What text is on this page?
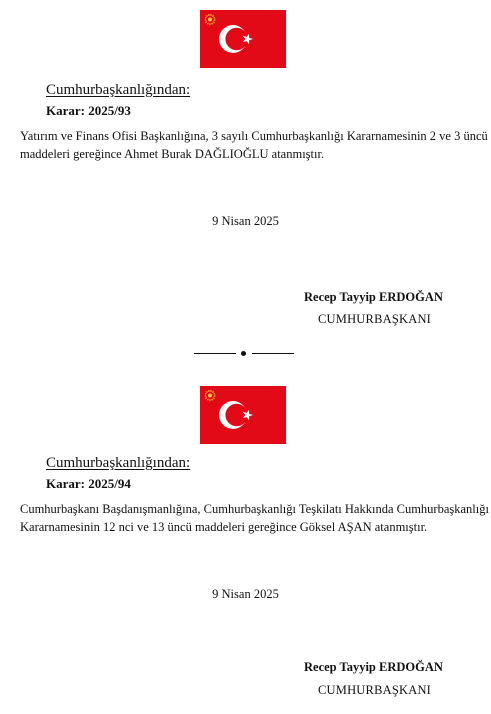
Cumhurbaşkanlığından:
Karar: 2025/93
Yatırım ve Finans Ofisi Başkanlığına, 3 sayılı Cumhurbaşkanlığı Kararnamesinin 2 ve 3 üncü
maddeleri gereğince Ahmet Burak DAĞLIOĞLU atanmıştır.
9 Nisan 2025
Recep Tayyip ERDOĞAN
CUMHURBAŞKANI
Cumhurbaşkanlığından:
Karar: 2025/94
Cumhurbaşkanı Başdanışmanlığına, Cumhurbaşkanlığı Teşkilatı Hakkında Cumhurbaşkanlığı
Kararnamesinin 12 nci ve 13 üncü maddeleri gereğince Göksel AŞAN atanmıştır.
9 Nisan 2025
Recep Tayyip ERDOĞAN
CUMHURBAŞKANI
